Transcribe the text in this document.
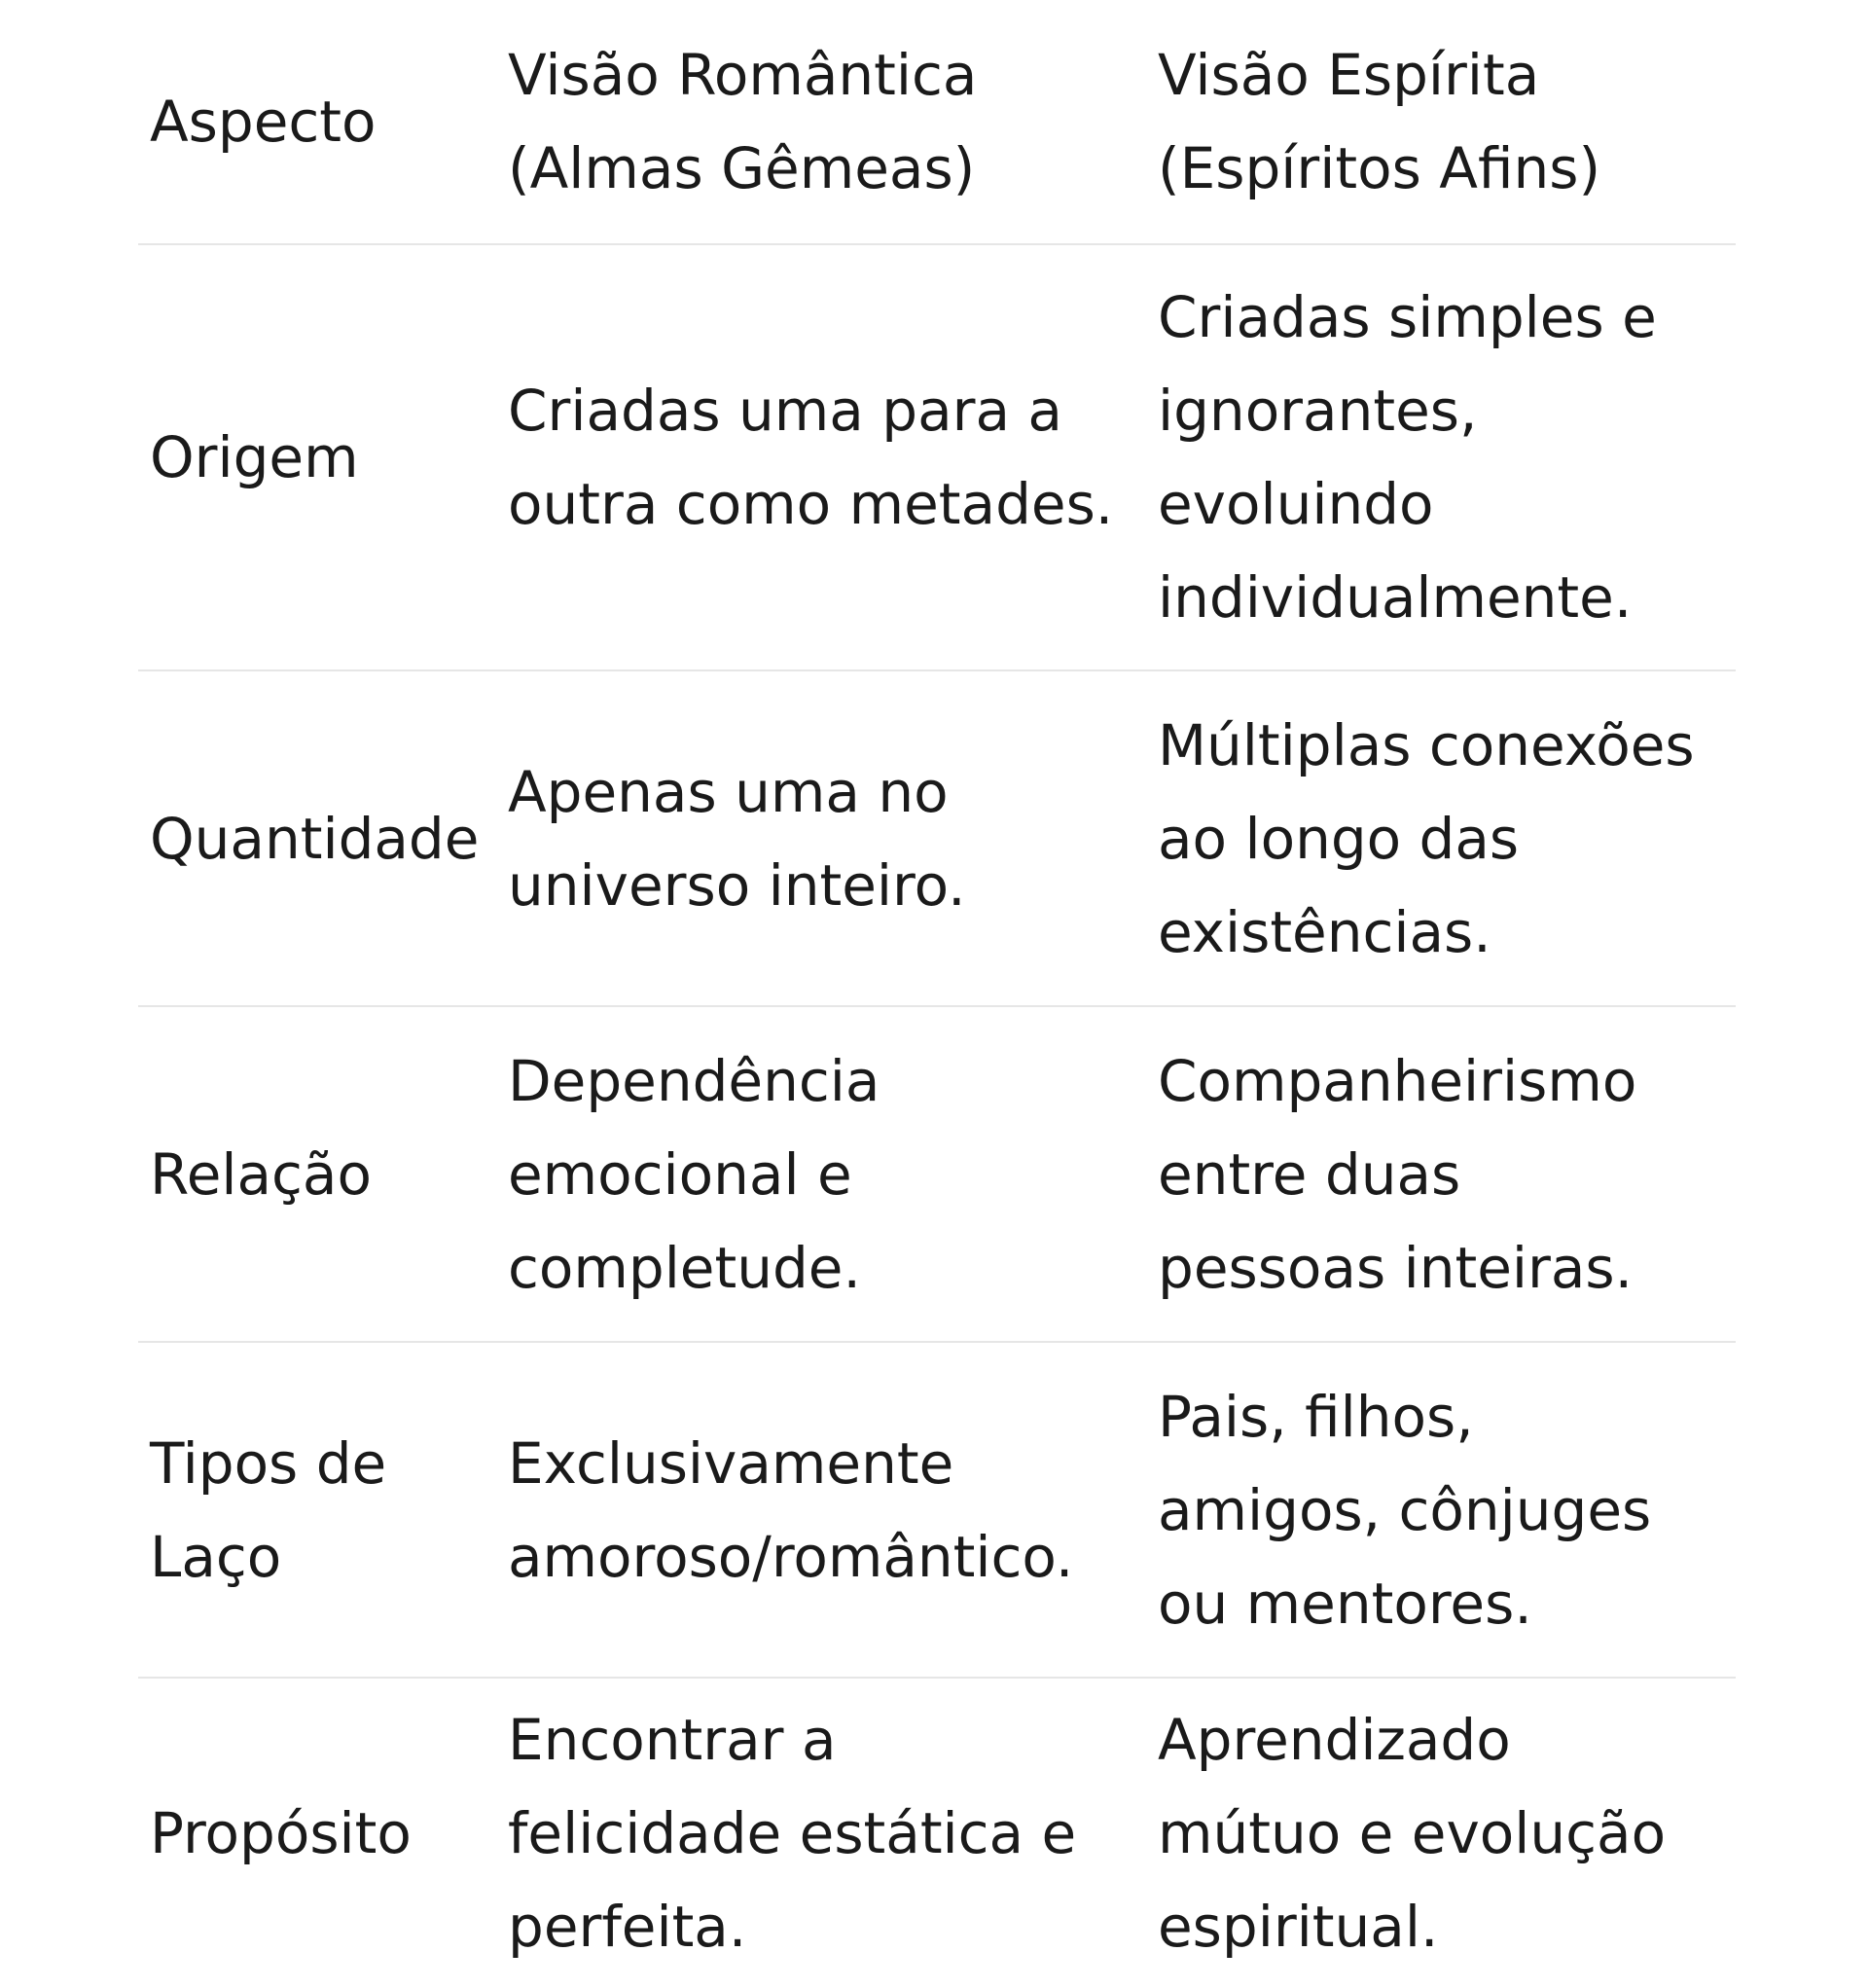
Aspecto
Visão Romântica
(Almas Gêmeas)
Visão Espírita
(Espíritos Afins)
Origem
Criadas uma para a
outra como metades.
Criadas simples e
ignorantes,
evoluindo
individualmente.
Quantidade
Apenas uma no
universo inteiro.
Múltiplas conexões
ao longo das
existências.
Relação
Dependência
emocional e
completude.
Companheirismo
entre duas
pessoas inteiras.
Tipos de
Laço
Exclusivamente
amoroso/romântico.
Pais, filhos,
amigos, cônjuges
ou mentores.
Propósito
Encontrar a
felicidade estática e
perfeita.
Aprendizado
mútuo e evolução
espiritual.
